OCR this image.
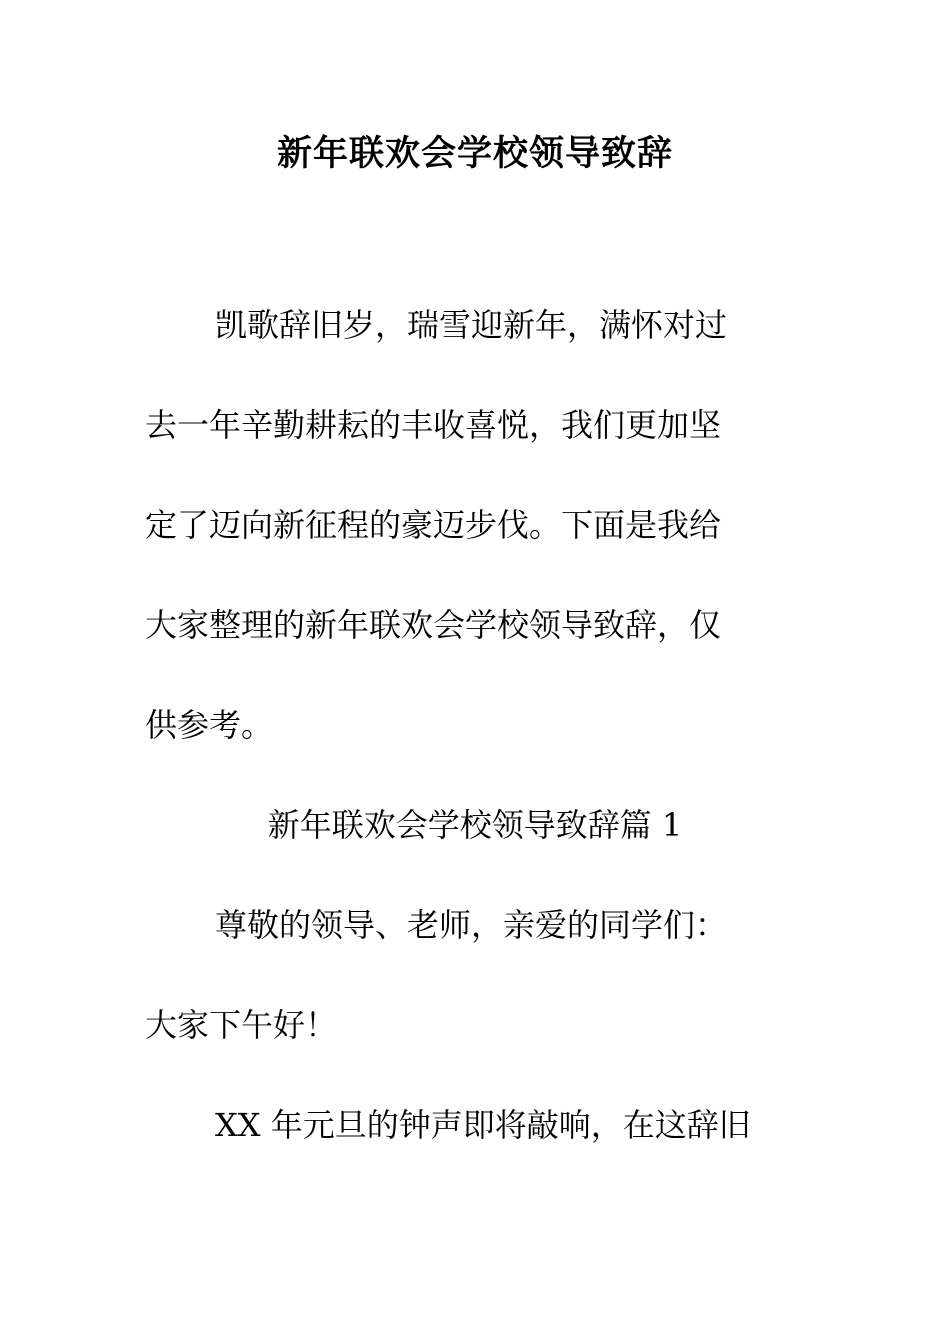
新年联欢会学校领导致辞
凯歌辞旧岁，瑞雪迎新年，满怀对过
去一年辛勤耕耘的丰收喜悦，我们更加坚
定了迈向新征程的豪迈步伐。下面是我给
大家整理的新年联欢会学校领导致辞，仅
供参考。
新年联欢会学校领导致辞篇 1
尊敬的领导、老师，亲爱的同学们：
大家下午好！
XX 年元旦的钟声即将敲响，在这辞旧
